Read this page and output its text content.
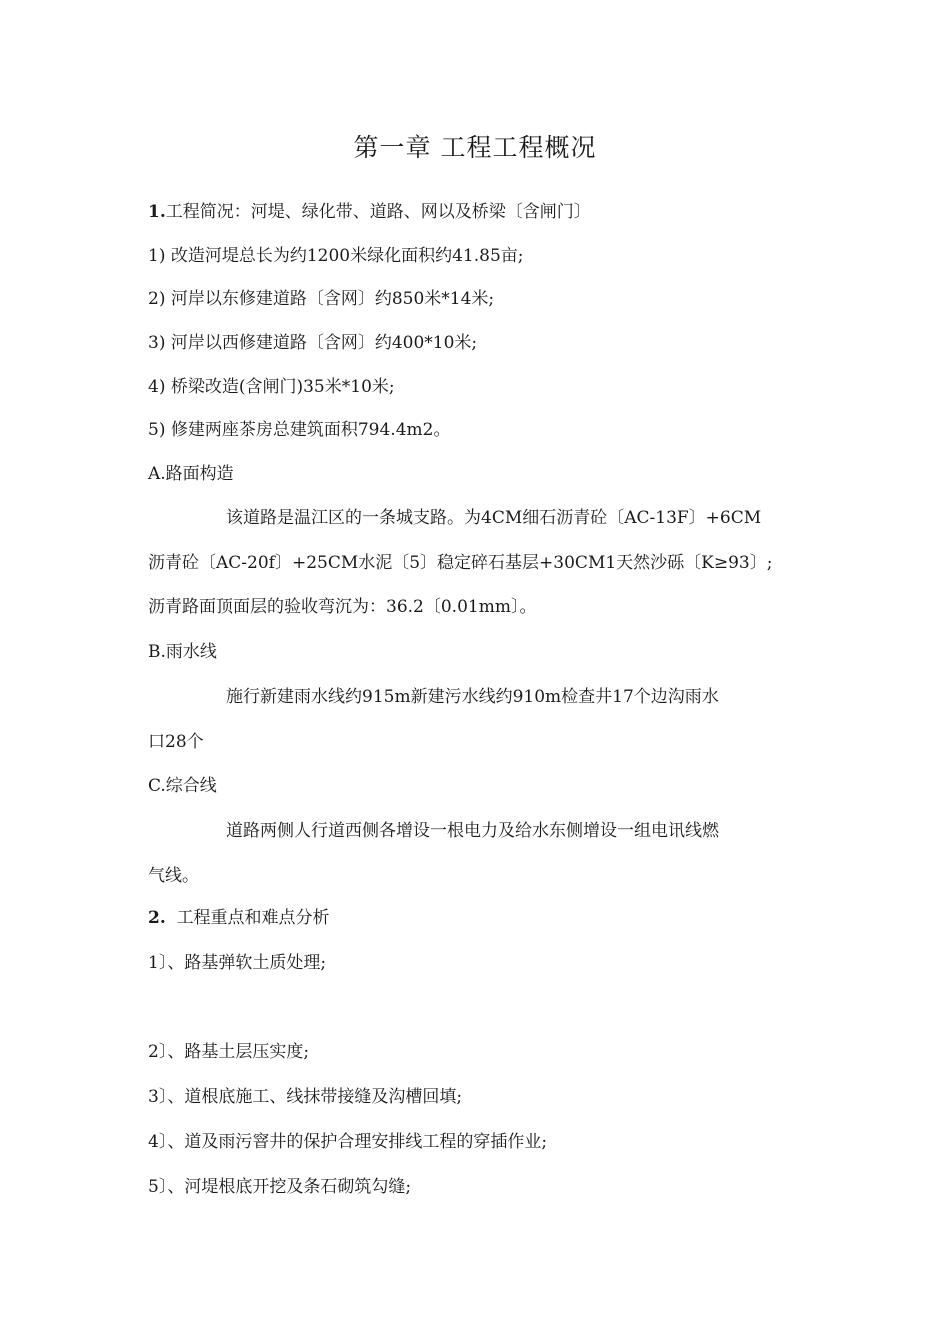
第一章 工程工程概况
1.工程简况：河堤、绿化带、道路、网以及桥梁〔含闸门〕
1) 改造河堤总长为约1200米绿化面积约41.85亩;
2) 河岸以东修建道路〔含网〕约850米*14米;
3) 河岸以西修建道路〔含网〕约400*10米;
4) 桥梁改造(含闸门)35米*10米;
5) 修建两座茶房总建筑面积794.4m2。
A.路面构造
该道路是温江区的一条城支路。为4CM细石沥青砼〔AC-13F〕+6CM
沥青砼〔AC-20f〕+25CM水泥〔5〕稳定碎石基层+30CM1天然沙砾〔K≥93〕;
沥青路面顶面层的验收弯沉为：36.2〔0.01mm〕。
B.雨水线
施行新建雨水线约915m新建污水线约910m检查井17个边沟雨水
口28个
C.综合线
道路两侧人行道西侧各增设一根电力及给水东侧增设一组电讯线燃
气线。
2. 工程重点和难点分析
1〕、路基弹软土质处理;
2〕、路基土层压实度;
3〕、道根底施工、线抹带接缝及沟槽回填;
4〕、道及雨污窨井的保护合理安排线工程的穿插作业;
5〕、河堤根底开挖及条石砌筑勾缝;
